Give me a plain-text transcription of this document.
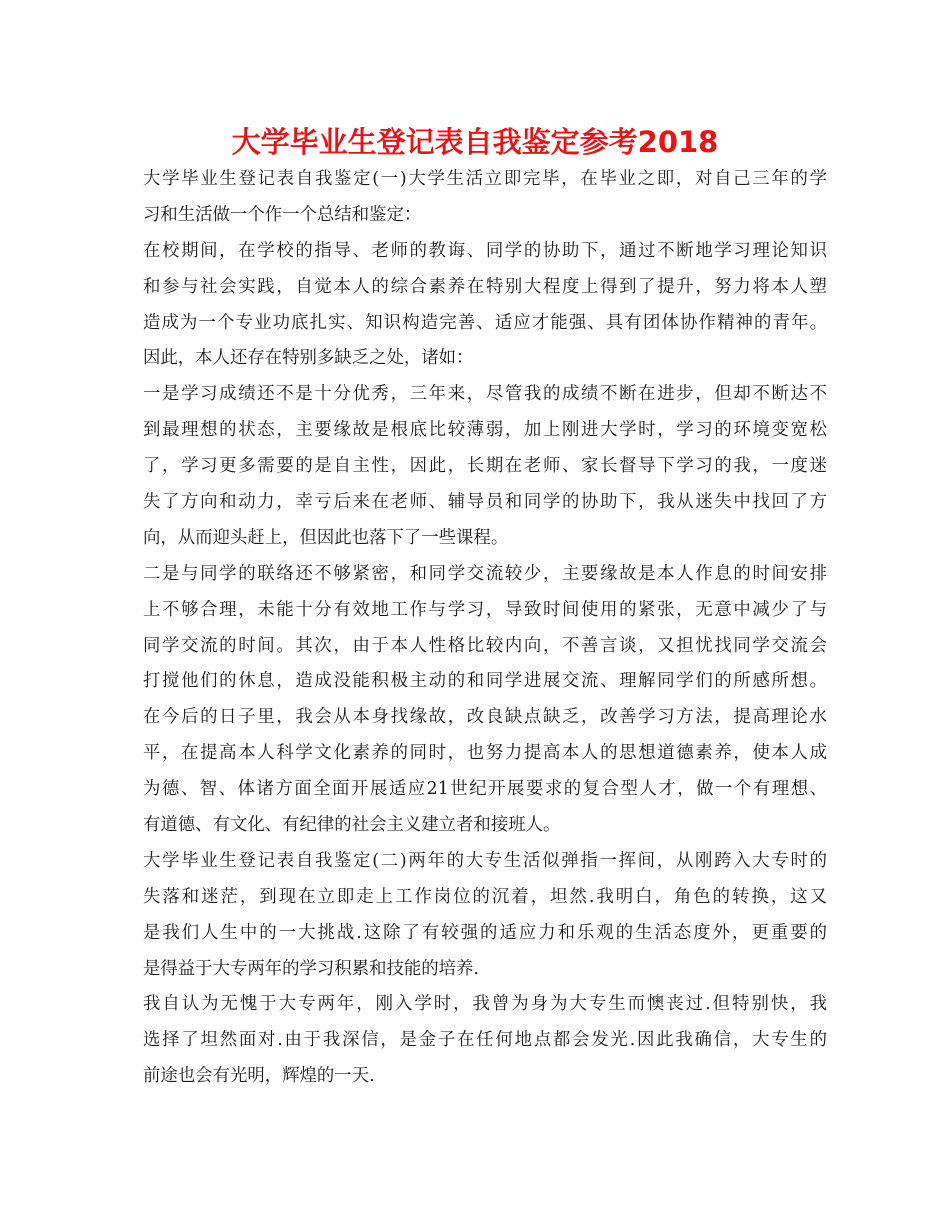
大学毕业生登记表自我鉴定参考2018
大学毕业生登记表自我鉴定(一)大学生活立即完毕，在毕业之即，对自己三年的学
习和生活做一个作一个总结和鉴定：
在校期间，在学校的指导、老师的教诲、同学的协助下，通过不断地学习理论知识
和参与社会实践，自觉本人的综合素养在特别大程度上得到了提升，努力将本人塑
造成为一个专业功底扎实、知识构造完善、适应才能强、具有团体协作精神的青年。
因此，本人还存在特别多缺乏之处，诸如：
一是学习成绩还不是十分优秀，三年来，尽管我的成绩不断在进步，但却不断达不
到最理想的状态，主要缘故是根底比较薄弱，加上刚进大学时，学习的环境变宽松
了，学习更多需要的是自主性，因此，长期在老师、家长督导下学习的我，一度迷
失了方向和动力，幸亏后来在老师、辅导员和同学的协助下，我从迷失中找回了方
向，从而迎头赶上，但因此也落下了一些课程。
二是与同学的联络还不够紧密，和同学交流较少，主要缘故是本人作息的时间安排
上不够合理，未能十分有效地工作与学习，导致时间使用的紧张，无意中减少了与
同学交流的时间。其次，由于本人性格比较内向，不善言谈，又担忧找同学交流会
打搅他们的休息，造成没能积极主动的和同学进展交流、理解同学们的所感所想。
在今后的日子里，我会从本身找缘故，改良缺点缺乏，改善学习方法，提高理论水
平，在提高本人科学文化素养的同时，也努力提高本人的思想道德素养，使本人成
为德、智、体诸方面全面开展适应21世纪开展要求的复合型人才，做一个有理想、
有道德、有文化、有纪律的社会主义建立者和接班人。
大学毕业生登记表自我鉴定(二)两年的大专生活似弹指一挥间，从刚跨入大专时的
失落和迷茫，到现在立即走上工作岗位的沉着，坦然.我明白，角色的转换，这又
是我们人生中的一大挑战.这除了有较强的适应力和乐观的生活态度外，更重要的
是得益于大专两年的学习积累和技能的培养.
我自认为无愧于大专两年，刚入学时，我曾为身为大专生而懊丧过.但特别快，我
选择了坦然面对.由于我深信，是金子在任何地点都会发光.因此我确信，大专生的
前途也会有光明，辉煌的一天.
